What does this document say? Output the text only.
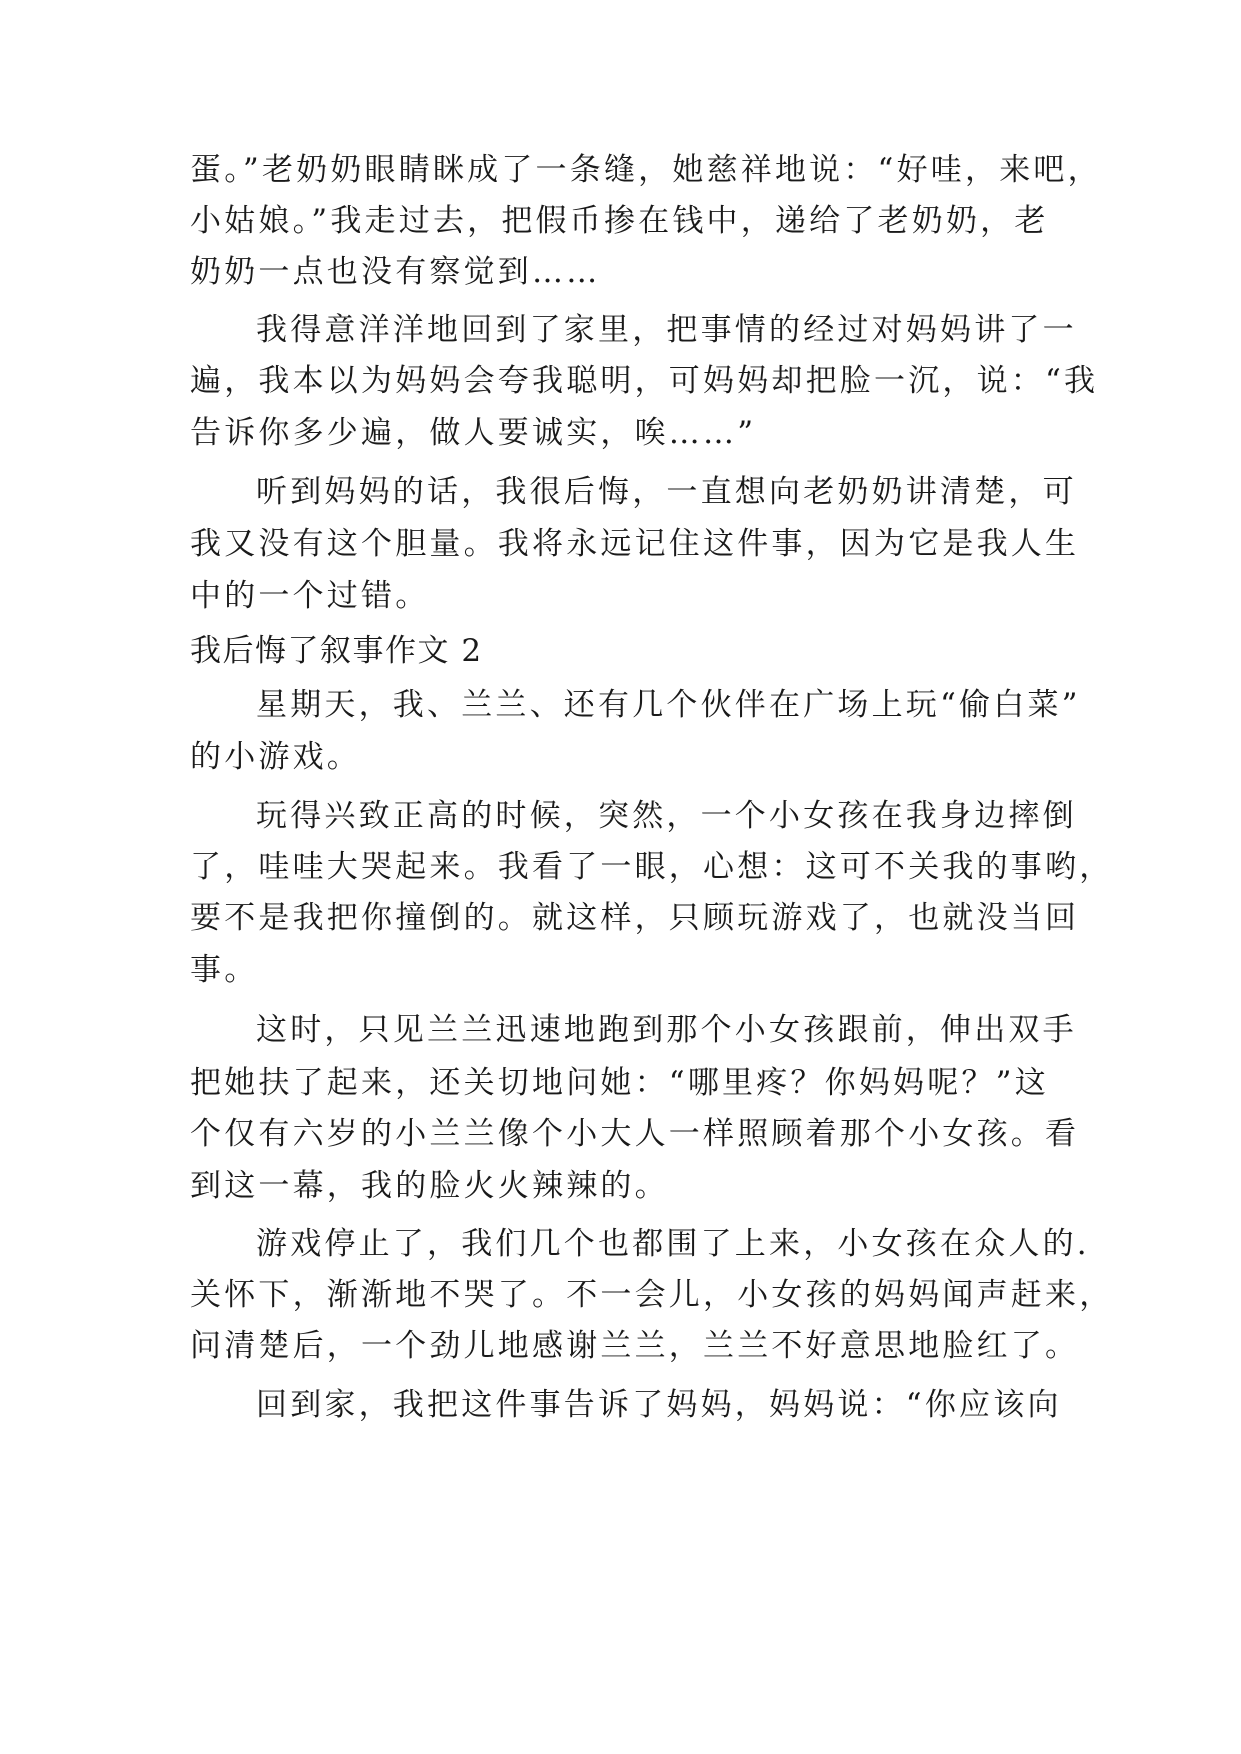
蛋。”老奶奶眼睛眯成了一条缝，她慈祥地说：“好哇，来吧，
小姑娘。”我走过去，把假币掺在钱中，递给了老奶奶，老
奶奶一点也没有察觉到……
我得意洋洋地回到了家里，把事情的经过对妈妈讲了一
遍，我本以为妈妈会夸我聪明，可妈妈却把脸一沉，说：“我
告诉你多少遍，做人要诚实，唉……”
听到妈妈的话，我很后悔，一直想向老奶奶讲清楚，可
我又没有这个胆量。我将永远记住这件事，因为它是我人生
中的一个过错。
我后悔了叙事作文 2
星期天，我、兰兰、还有几个伙伴在广场上玩“偷白菜”
的小游戏。
玩得兴致正高的时候，突然，一个小女孩在我身边摔倒
了，哇哇大哭起来。我看了一眼，心想：这可不关我的事哟，
要不是我把你撞倒的。就这样，只顾玩游戏了，也就没当回
事。
这时，只见兰兰迅速地跑到那个小女孩跟前，伸出双手
把她扶了起来，还关切地问她：“哪里疼？你妈妈呢？”这
个仅有六岁的小兰兰像个小大人一样照顾着那个小女孩。看
到这一幕，我的脸火火辣辣的。
游戏停止了，我们几个也都围了上来，小女孩在众人的.
关怀下，渐渐地不哭了。不一会儿，小女孩的妈妈闻声赶来，
问清楚后，一个劲儿地感谢兰兰，兰兰不好意思地脸红了。
回到家，我把这件事告诉了妈妈，妈妈说：“你应该向
